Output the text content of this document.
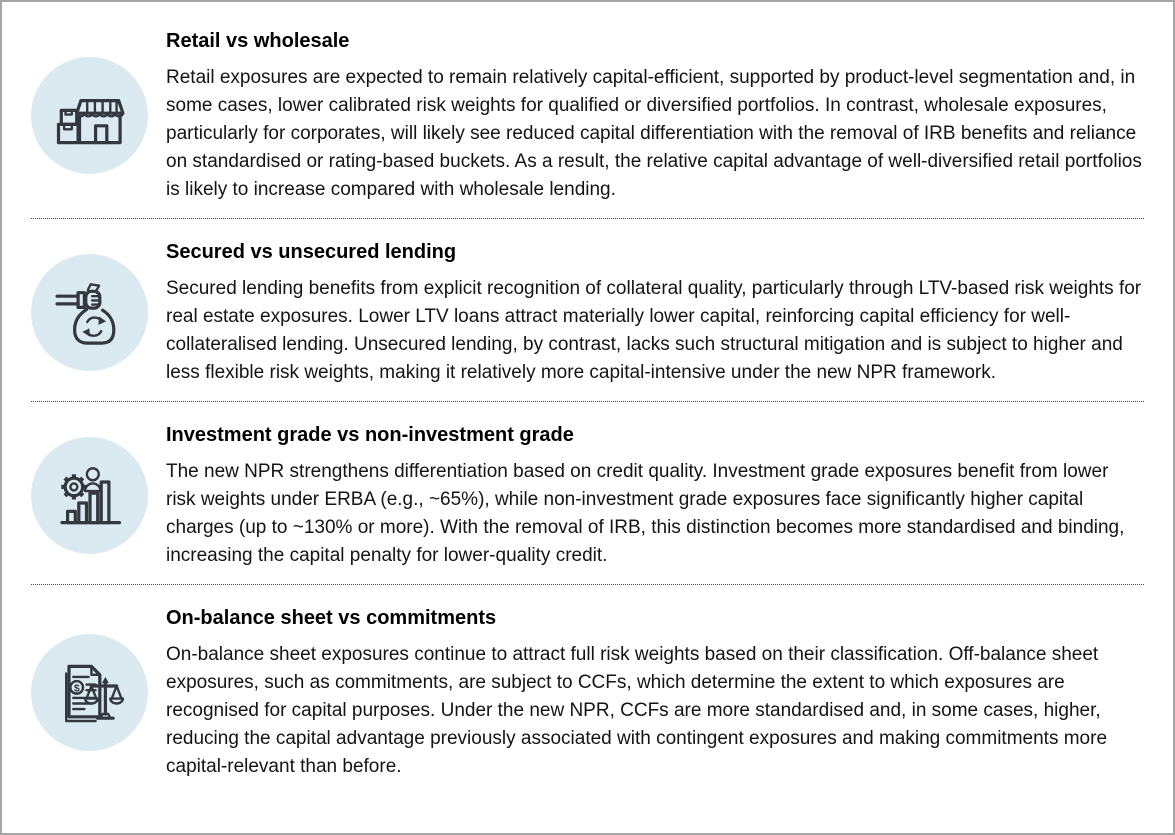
Retail vs wholesale

Retail exposures are expected to remain relatively capital-efficient, supported by product-level segmentation and, in some cases, lower calibrated risk weights for qualified or diversified portfolios. In contrast, wholesale exposures, particularly for corporates, will likely see reduced capital differentiation with the removal of IRB benefits and reliance on standardised or rating-based buckets. As a result, the relative capital advantage of well-diversified retail portfolios is likely to increase compared with wholesale lending.

Secured vs unsecured lending

Secured lending benefits from explicit recognition of collateral quality, particularly through LTV-based risk weights for real estate exposures. Lower LTV loans attract materially lower capital, reinforcing capital efficiency for well-collateralised lending. Unsecured lending, by contrast, lacks such structural mitigation and is subject to higher and less flexible risk weights, making it relatively more capital-intensive under the new NPR framework.

Investment grade vs non-investment grade

The new NPR strengthens differentiation based on credit quality. Investment grade exposures benefit from lower risk weights under ERBA (e.g., ~65%), while non-investment grade exposures face significantly higher capital charges (up to ~130% or more). With the removal of IRB, this distinction becomes more standardised and binding, increasing the capital penalty for lower-quality credit.

$
On-balance sheet vs commitments

On-balance sheet exposures continue to attract full risk weights based on their classification. Off-balance sheet exposures, such as commitments, are subject to CCFs, which determine the extent to which exposures are recognised for capital purposes. Under the new NPR, CCFs are more standardised and, in some cases, higher, reducing the capital advantage previously associated with contingent exposures and making commitments more capital-relevant than before.
